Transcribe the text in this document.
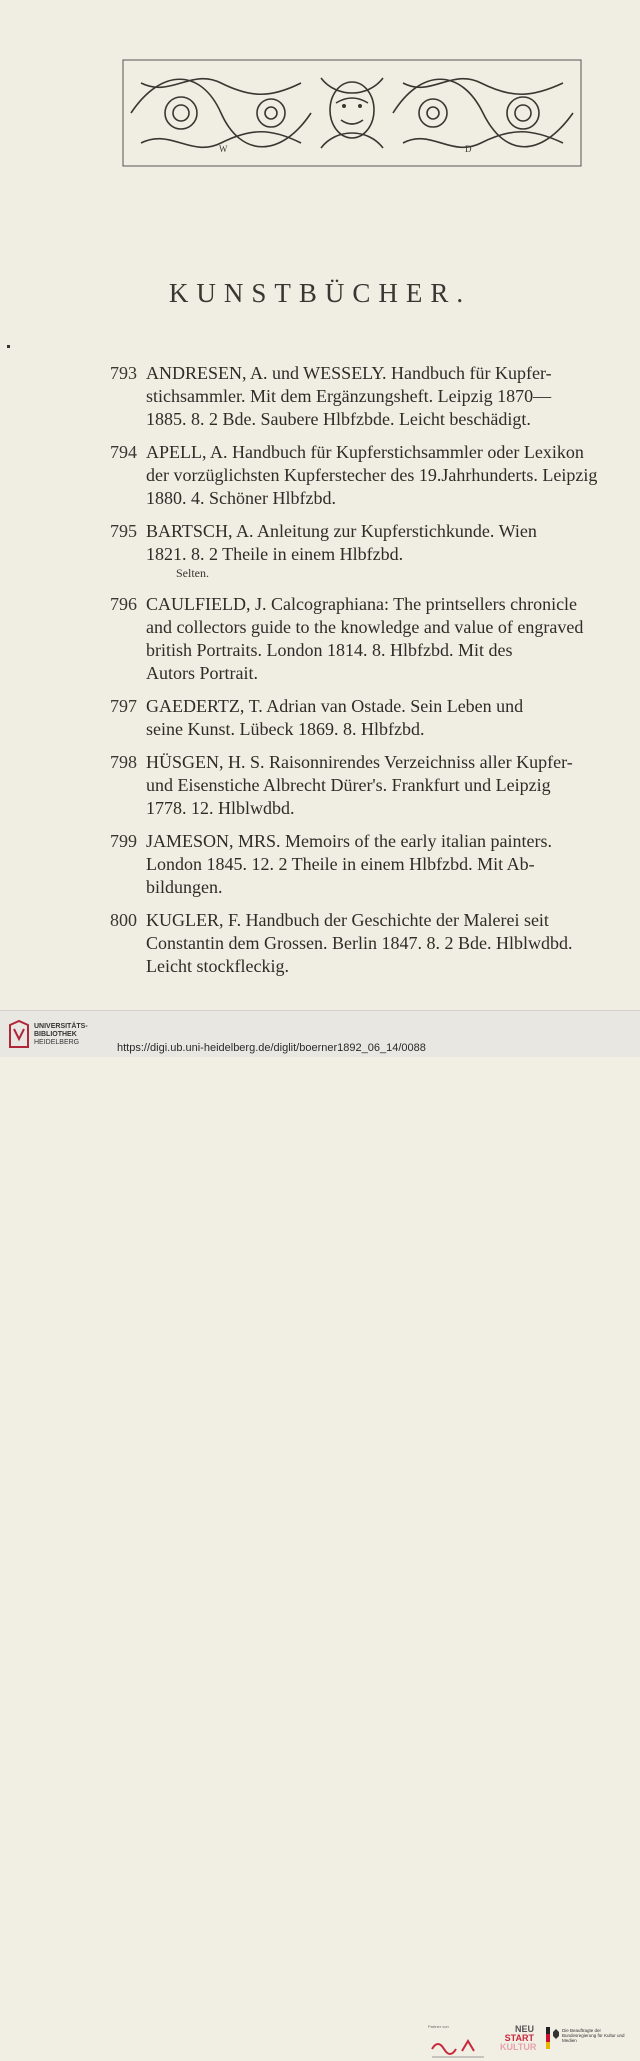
W	D
KUNSTBÜCHER.
793 ANDRESEN, A. und WESSELY. Handbuch für Kupfer-
stichsammler. Mit dem Ergänzungsheft. Leipzig 1870—
1885. 8. 2 Bde. Saubere Hlbfzbde. Leicht beschädigt.
794 APELL, A. Handbuch für Kupferstichsammler oder Lexikon
der vorzüglichsten Kupferstecher des 19.Jahrhunderts. Leipzig
1880. 4. Schöner Hlbfzbd.
795 BARTSCH, A. Anleitung zur Kupferstichkunde. Wien
1821. 8. 2 Theile in einem Hlbfzbd.
Selten.
796 CAULFIELD, J. Calcographiana: The printsellers chronicle
and collectors guide to the knowledge and value of engraved
british Portraits. London 1814. 8. Hlbfzbd. Mit des
Autors Portrait.
797 GAEDERTZ, T. Adrian van Ostade. Sein Leben und
seine Kunst. Lübeck 1869. 8. Hlbfzbd.
798 HÜSGEN, H. S. Raisonnirendes Verzeichniss aller Kupfer-
und Eisenstiche Albrecht Dürer's. Frankfurt und Leipzig
1778. 12. Hlblwdbd.
799 JAMESON, MRS. Memoirs of the early italian painters.
London 1845. 12. 2 Theile in einem Hlbfzbd. Mit Ab-
bildungen.
800 KUGLER, F. Handbuch der Geschichte der Malerei seit
Constantin dem Grossen. Berlin 1847. 8. 2 Bde. Hlblwdbd.
Leicht stockfleckig.
UNIVERSITÄTS-
BIBLIOTHEK
HEIDELBERG
Partner von	NEU
START
KULTUR
Die Beauftragte der Bundesregierung für Kultur und Medien
https://digi.ub.uni-heidelberg.de/diglit/boerner1892_06_14/0088
